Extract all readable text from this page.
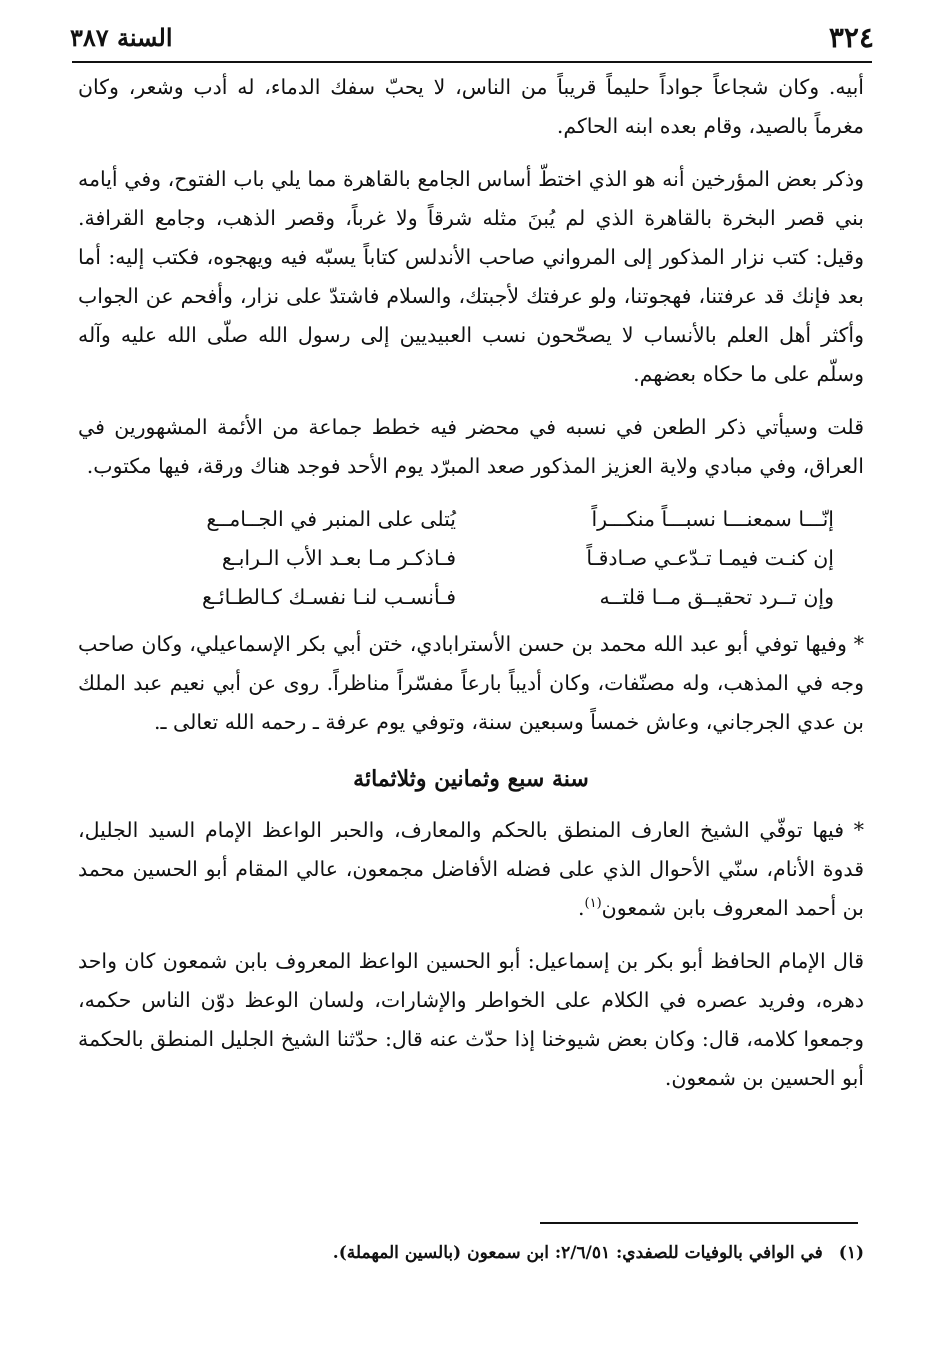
٣٢٤
السنة ٣٨٧

أبيه. وكان شجاعاً جواداً حليماً قريباً من الناس، لا يحبّ سفك الدماء، له أدب وشعر، وكان مغرماً بالصيد، وقام بعده ابنه الحاكم.

وذكر بعض المؤرخين أنه هو الذي اختطّ أساس الجامع بالقاهرة مما يلي باب الفتوح، وفي أيامه بني قصر البخرة بالقاهرة الذي لم يُبنَ مثله شرقاً ولا غرباً، وقصر الذهب، وجامع القرافة. وقيل: كتب نزار المذكور إلى المرواني صاحب الأندلس كتاباً يسبّه فيه ويهجوه، فكتب إليه: أما بعد فإنك قد عرفتنا، فهجوتنا، ولو عرفتك لأجبتك، والسلام فاشتدّ على نزار، وأفحم عن الجواب وأكثر أهل العلم بالأنساب لا يصحّحون نسب العبيديين إلى رسول الله صلّى الله عليه وآله وسلّم على ما حكاه بعضهم.

قلت وسيأتي ذكر الطعن في نسبه في محضر فيه خطط جماعة من الأئمة المشهورين في العراق، وفي مبادي ولاية العزيز المذكور صعد المبرّد يوم الأحد فوجد هناك ورقة، فيها مكتوب.

إنّـــا سمعنـــا نسبـــاً منكـــراً
يُتلى على المنبر في الجــامــع
إن كنـت فيمـا تـدّعـي صـادقـاً
فـاذكـر مـا بعـد الأب الـرابـع
وإن تــرد تحقيــق مــا قلتــه
فـأنسـب لنـا نفسـك كـالطـائـع

* وفيها توفي أبو عبد الله محمد بن حسن الأسترابادي، ختن أبي بكر الإسماعيلي، وكان صاحب وجه في المذهب، وله مصنّفات، وكان أديباً بارعاً مفسّراً مناظراً. روى عن أبي نعيم عبد الملك بن عدي الجرجاني، وعاش خمساً وسبعين سنة، وتوفي يوم عرفة ـ رحمه الله تعالى ـ.

سنة سبع وثمانين وثلاثمائة

* فيها توفّي الشيخ العارف المنطق بالحكم والمعارف، والحبر الواعظ الإمام السيد الجليل، قدوة الأنام، سنّي الأحوال الذي على فضله الأفاضل مجمعون، عالي المقام أبو الحسين محمد بن أحمد المعروف بابن شمعون$^{(١)}$.

قال الإمام الحافظ أبو بكر بن إسماعيل: أبو الحسين الواعظ المعروف بابن شمعون كان واحد دهره، وفريد عصره في الكلام على الخواطر والإشارات، ولسان الوعظ دوّن الناس حكمه، وجمعوا كلامه، قال: وكان بعض شيوخنا إذا حدّث عنه قال: حدّثنا الشيخ الجليل المنطق بالحكمة أبو الحسين بن شمعون.

(١)في الوافي بالوفيات للصفدي: ٢/٦/٥١: ابن سمعون (بالسين المهملة).
